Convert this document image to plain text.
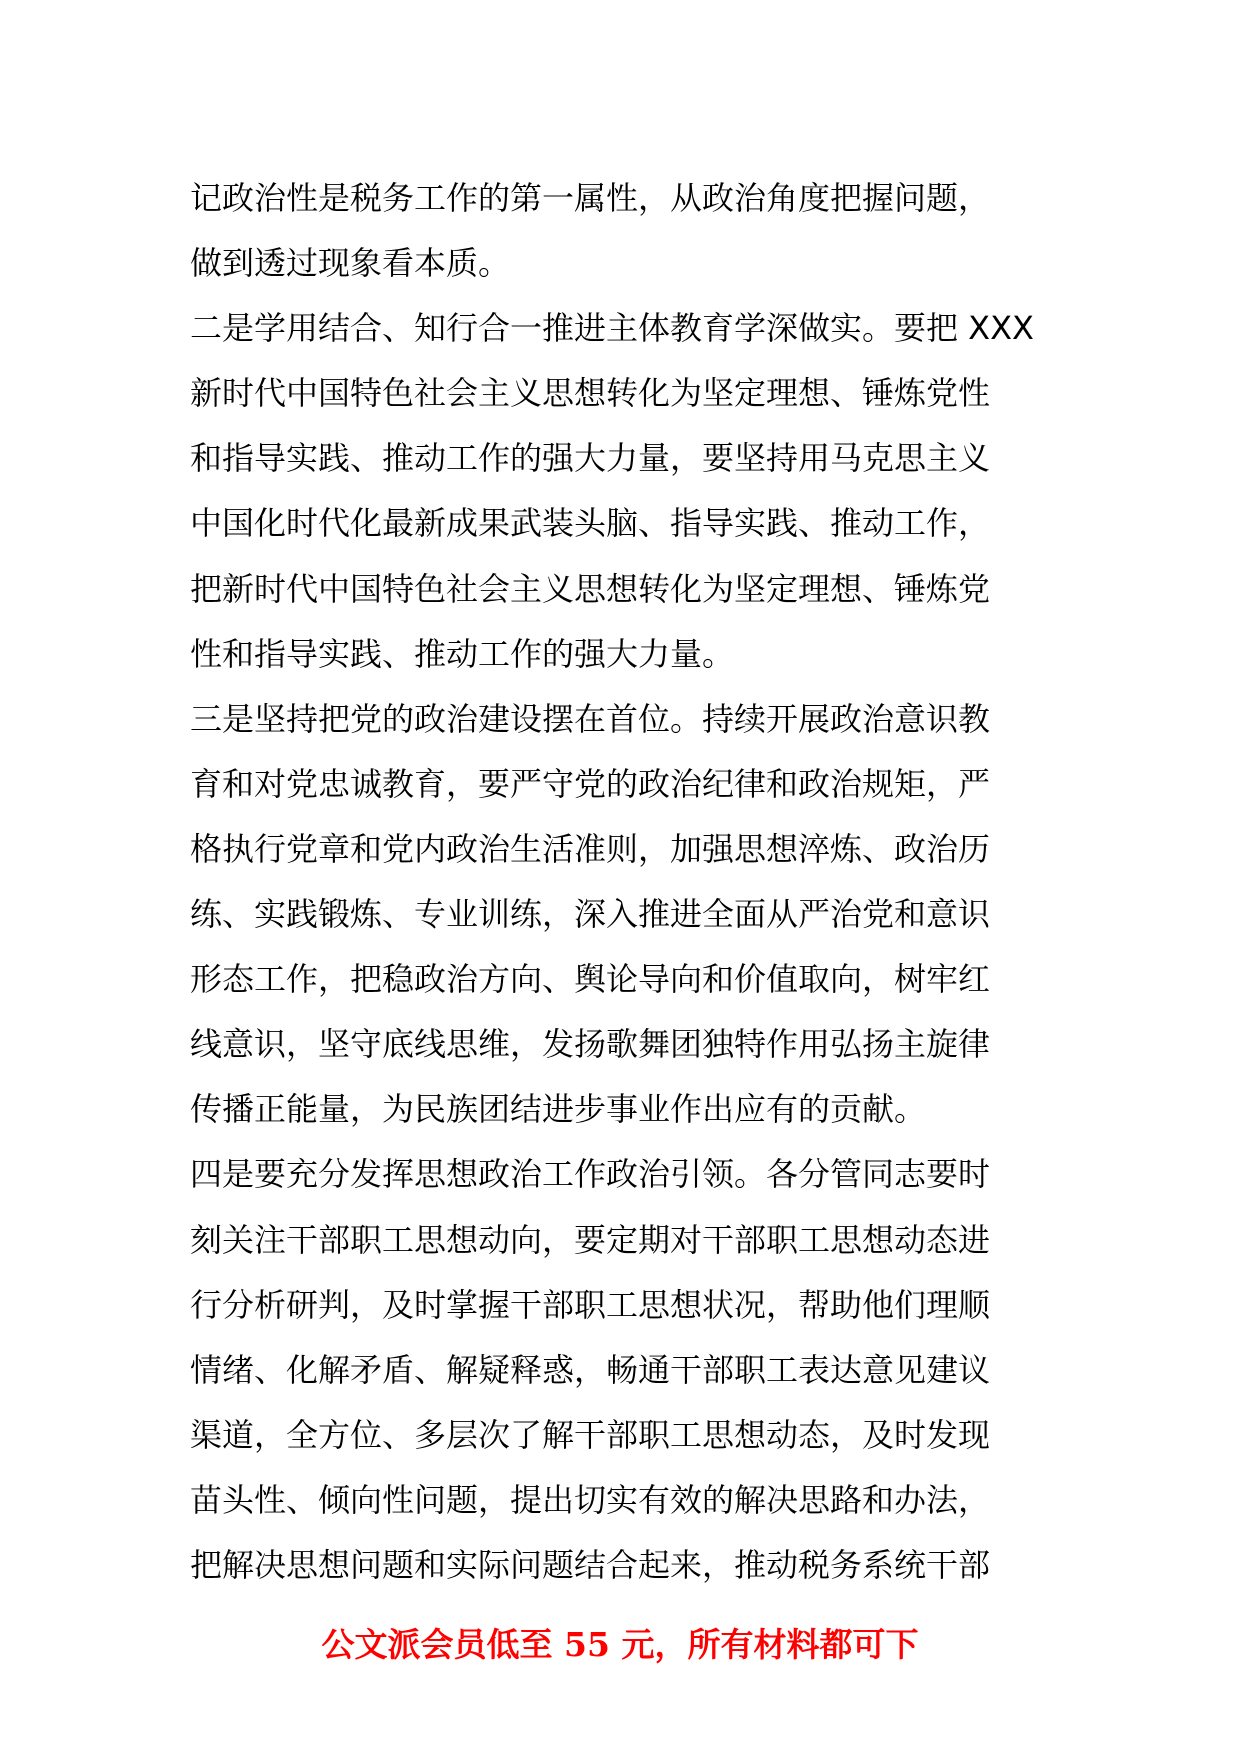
记政治性是税务工作的第一属性，从政治角度把握问题，
做到透过现象看本质。
二是学用结合、知行合一推进主体教育学深做实。要把 XXX
新时代中国特色社会主义思想转化为坚定理想、锤炼党性
和指导实践、推动工作的强大力量，要坚持用马克思主义
中国化时代化最新成果武装头脑、指导实践、推动工作，
把新时代中国特色社会主义思想转化为坚定理想、锤炼党
性和指导实践、推动工作的强大力量。
三是坚持把党的政治建设摆在首位。持续开展政治意识教
育和对党忠诚教育，要严守党的政治纪律和政治规矩，严
格执行党章和党内政治生活准则，加强思想淬炼、政治历
练、实践锻炼、专业训练，深入推进全面从严治党和意识
形态工作，把稳政治方向、舆论导向和价值取向，树牢红
线意识，坚守底线思维，发扬歌舞团独特作用弘扬主旋律
传播正能量，为民族团结进步事业作出应有的贡献。
四是要充分发挥思想政治工作政治引领。各分管同志要时
刻关注干部职工思想动向，要定期对干部职工思想动态进
行分析研判，及时掌握干部职工思想状况，帮助他们理顺
情绪、化解矛盾、解疑释惑，畅通干部职工表达意见建议
渠道，全方位、多层次了解干部职工思想动态，及时发现
苗头性、倾向性问题，提出切实有效的解决思路和办法，
把解决思想问题和实际问题结合起来，推动税务系统干部
公文派会员低至 55 元，所有材料都可下
